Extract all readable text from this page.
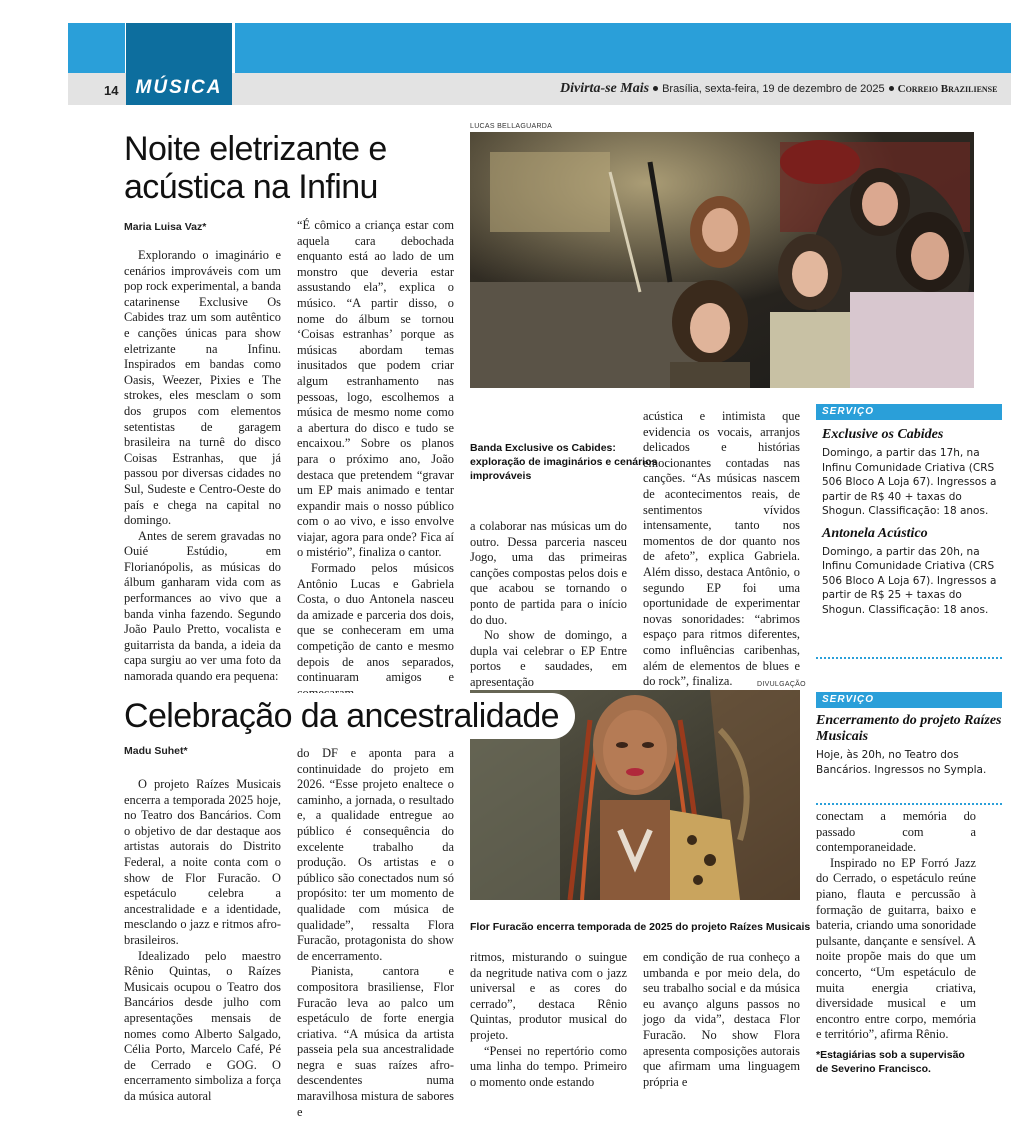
MÚSICA
14	Divirta-se Mais Brasília, sexta-feira, 19 de dezembro de 2025 Correio Braziliense
Noite eletrizante e
acústica na Infinu
Maria Luisa Vaz*
LUCAS BELLAGUARDA
Banda Exclusive os Cabides: exploração de imaginários e cenários improváveis

Explorando o imaginário e cenários improváveis com um pop rock experimental, a banda catarinense Exclusive Os Cabides traz um som autêntico e canções únicas para show eletrizante na Infinu. Inspirados em bandas como Oasis, Weezer, Pixies e The strokes, eles mesclam o som dos grupos com elementos setentistas de garagem brasileira na turnê do disco Coisas Estranhas, que já passou por diversas cidades no Sul, Sudeste e Centro-Oeste do país e chega na capital no domingo.

Antes de serem gravadas no Ouié Estúdio, em Florianópolis, as músicas do álbum ganharam vida com as performances ao vivo que a banda vinha fazendo. Segundo João Paulo Pretto, vocalista e guitarrista da banda, a ideia da capa surgiu ao ver uma foto da namorada quando era pequena:

“É cômico a criança estar com aquela cara debochada enquanto está ao lado de um monstro que deveria estar assustando ela”, explica o músico. “A partir disso, o nome do álbum se tornou ‘Coisas estranhas’ porque as músicas abordam temas inusitados que podem criar algum estranhamento nas pessoas, logo, escolhemos a música de mesmo nome como a abertura do disco e tudo se encaixou.” Sobre os planos para o próximo ano, João destaca que pretendem “gravar um EP mais animado e tentar expandir mais o nosso público com o ao vivo, e isso envolve viajar, agora para onde? Fica aí o mistério”, finaliza o cantor.

Formado pelos músicos Antônio Lucas e Gabriela Costa, o duo Antonela nasceu da amizade e parceria dos dois, que se conheceram em uma competição de canto e mesmo depois de anos separados, continuaram amigos e

a colaborar nas músicas um do outro. Dessa parceria nasceu Jogo, uma das primeiras canções compostas pelos dois e que acabou se tornando o ponto de partida para o início do duo.

No show de domingo, a dupla vai celebrar o EP Entre portos e saudades, em apresentação

acústica e intimista que evidencia os vocais, arranjos delicados e histórias emocionantes contadas nas canções. “As músicas nascem de acontecimentos reais, de sentimentos vívidos intensamente, tanto nos momentos de dor quanto nos de afeto”, explica Gabriela. Além disso, destaca Antônio, o segundo EP foi uma oportunidade de experimentar novas sonoridades: “abrimos espaço para ritmos diferentes, como influências caribenhas, além de elementos de blues e do rock”, finaliza.

SERVIÇO
Exclusive os Cabides
Domingo, a partir das 17h, na Infinu Comunidade Criativa (CRS 506 Bloco A Loja 67). Ingressos a partir de R$ 40 + taxas do Shogun. Classificação: 18 anos.
Antonela Acústico
Domingo, a partir das 20h, na Infinu Comunidade Criativa (CRS 506 Bloco A Loja 67). Ingressos a partir de R$ 25 + taxas do Shogun. Classificação: 18 anos.
DIVULGAÇÃO
Flor Furacão encerra temporada de 2025 do projeto Raízes Musicais
Celebração da ancestralidade
Madu Suhet*

O projeto Raízes Musicais encerra a temporada 2025 hoje, no Teatro dos Bancários. Com o objetivo de dar destaque aos artistas autorais do Distrito Federal, a noite conta com o show de Flor Furacão. O espetáculo celebra a ancestralidade e a identidade, mesclando o jazz e ritmos afro-brasileiros.

Idealizado pelo maestro Rênio Quintas, o Raízes Musicais ocupou o Teatro dos Bancários desde julho com apresentações mensais de nomes como Alberto Salgado, Célia Porto, Marcelo Café, Pé de Cerrado e GOG. O encerramento simboliza a força da música autoral

do DF e aponta para a continuidade do projeto em 2026. “Esse projeto enaltece o caminho, a jornada, o resultado e, a qualidade entregue ao público é consequência do excelente trabalho da produção. Os artistas e o público são conectados num só propósito: ter um momento de qualidade com música de qualidade”, ressalta Flora Furacão, protagonista do show de encerramento.

Pianista, cantora e compositora brasiliense, Flor Furacão leva ao palco um espetáculo de forte energia criativa. “A música da artista passeia pela sua ancestralidade negra e suas raízes afro-descendentes numa maravilhosa mistura de sabores e

ritmos, misturando o suingue da negritude nativa com o jazz universal e as cores do cerrado”, destaca Rênio Quintas, produtor musical do projeto.

“Pensei no repertório como uma linha do tempo. Primeiro o momento onde estando

em condição de rua conheço a umbanda e por meio dela, do seu trabalho social e da música eu avanço alguns passos no jogo da vida”, destaca Flor Furacão. No show Flora apresenta composições autorais que afirmam uma linguagem própria e

SERVIÇO
Encerramento do projeto Raízes Musicais
Hoje, às 20h, no Teatro dos Bancários. Ingressos no Sympla.

conectam a memória do passado com a contemporaneidade.

Inspirado no EP Forró Jazz do Cerrado, o espetáculo reúne piano, flauta e percussão à formação de guitarra, baixo e bateria, criando uma sonoridade pulsante, dançante e sensível. A noite propõe mais do que um concerto, “Um espetáculo de muita energia criativa, diversidade musical e um encontro entre corpo, memória e território”, afirma Rênio.

*Estagiárias sob a supervisão de Severino Francisco.
